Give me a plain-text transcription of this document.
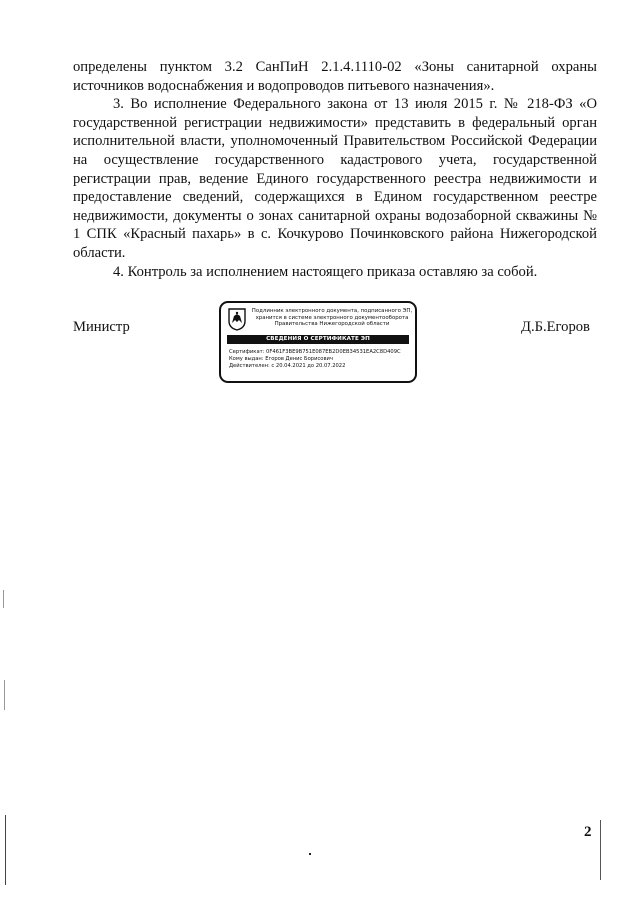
определены пунктом 3.2 СанПиН 2.1.4.1110-02 «Зоны санитарной охраны источников водоснабжения и водопроводов питьевого назначения».

3. Во исполнение Федерального закона от 13 июля 2015 г. № 218-ФЗ «О государственной регистрации недвижимости» представить в федеральный орган исполнительной власти, уполномоченный Правительством Российской Федерации на осуществление государственного кадастрового учета, государственной регистрации прав, ведение Единого государственного реестра недвижимости и предоставление сведений, содержащихся в Едином государственном реестре недвижимости, документы о зонах санитарной охраны водозаборной скважины № 1 СПК «Красный пахарь» в с. Кочкурово Починковского района Нижегородской области.

4. Контроль за исполнением настоящего приказа оставляю за собой.

Министр
Подлинник электронного документа, подписанного ЭП, хранится в системе электронного документооборота Правительства Нижегородской области
СВЕДЕНИЯ О СЕРТИФИКАТЕ ЭП
Сертификат: 0F461F3BE9B751E087EB2D0EB34531EA2C8D409C
Кому выдан: Егоров Денис Борисович
Действителен: с 20.04.2021 до 20.07.2022
Д.Б.Егоров
2
